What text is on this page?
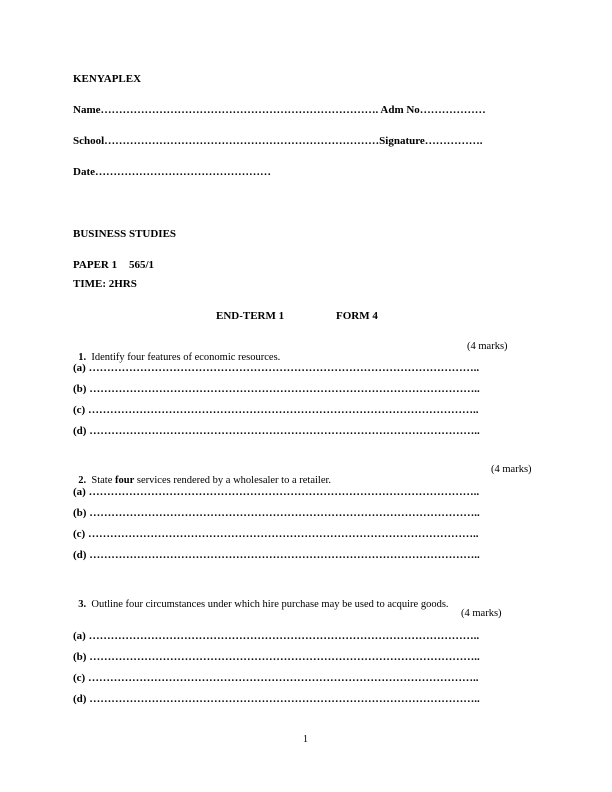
KENYAPLEX
Name…………………………………………………………………. Adm No………………
School…………………………………………………………………Signature…………….
Date…………………………………………
BUSINESS STUDIES
PAPER 1 565/1
TIME: 2HRS
END-TERM 1	FORM 4

1. Identify four features of economic resources.

(4 marks)
(a) ……………………………………………………………………………………………..
(b) ……………………………………………………………………………………………..
(c) ……………………………………………………………………………………………..
(d) ……………………………………………………………………………………………..

2. State four services rendered by a wholesaler to a retailer.

(4 marks)
(a) ……………………………………………………………………………………………..
(b) ……………………………………………………………………………………………..
(c) ……………………………………………………………………………………………..
(d) ……………………………………………………………………………………………..

3. Outline four circumstances under which hire purchase may be used to acquire goods.

(4 marks)
(a) ……………………………………………………………………………………………..
(b) ……………………………………………………………………………………………..
(c) ……………………………………………………………………………………………..
(d) ……………………………………………………………………………………………..
1
